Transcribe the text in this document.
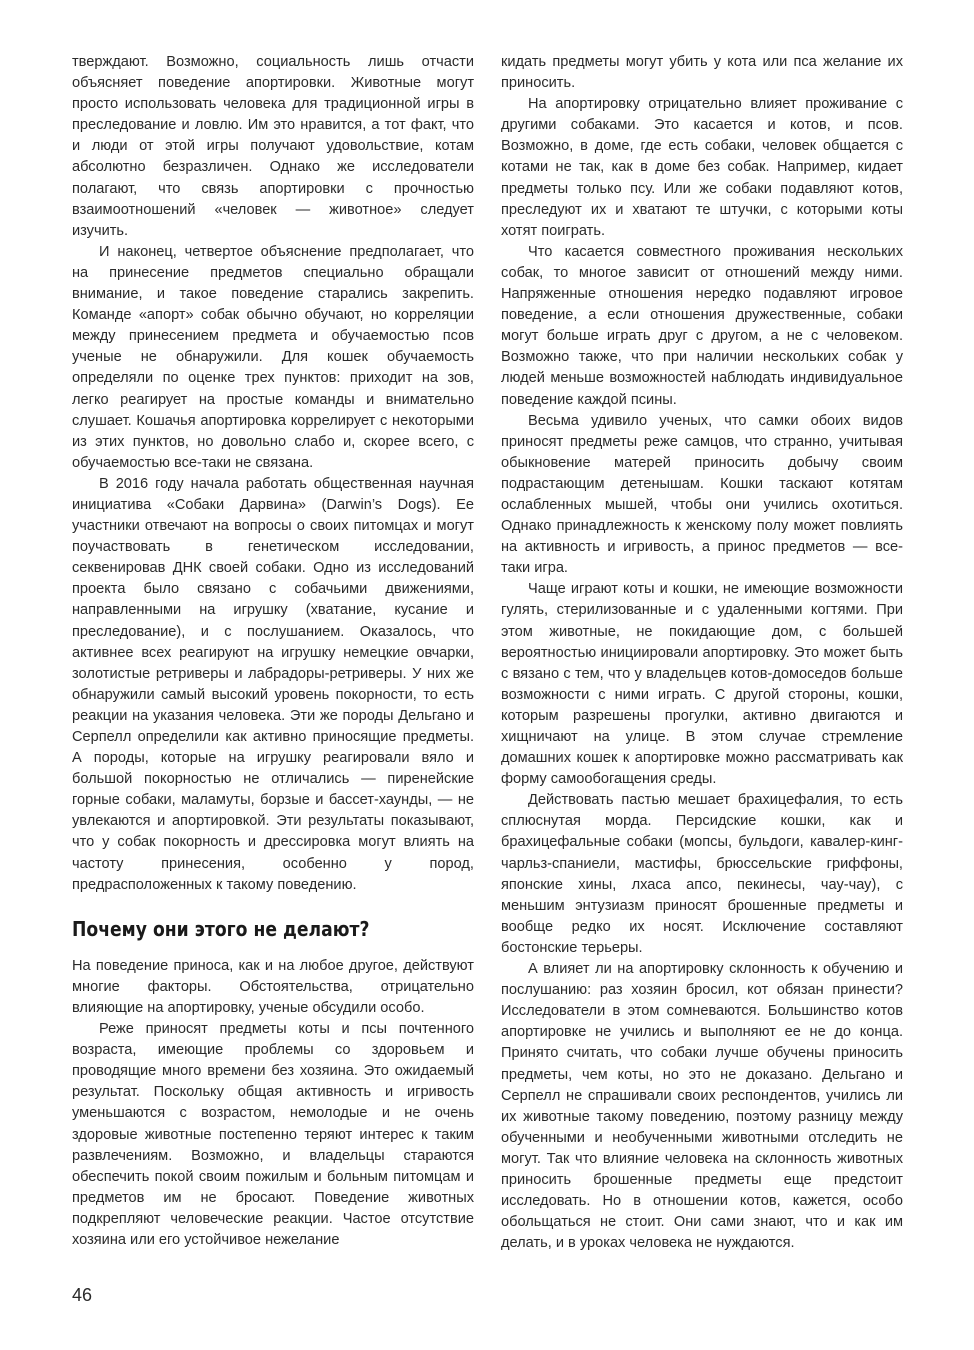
тверждают. Возможно, социальность лишь отчасти объясняет поведение апортировки. Животные могут просто использовать человека для традиционной игры в преследование и ловлю. Им это нравится, а тот факт, что и люди от этой игры получают удовольствие, котам абсолютно безразличен. Однако же исследователи полагают, что связь апортировки с прочностью взаимоотношений «человек — животное» следует изучить.

И наконец, четвертое объяснение предполагает, что на принесение предметов специально обращали внимание, и такое поведение старались закрепить. Команде «апорт» собак обычно обучают, но корреляции между принесением предмета и обучаемостью псов ученые не обнаружили. Для кошек обучаемость определяли по оценке трех пунктов: приходит на зов, легко реагирует на простые команды и внимательно слушает. Кошачья апортировка коррелирует с некоторыми из этих пунктов, но довольно слабо и, скорее всего, с обучаемостью все-таки не связана.

В 2016 году начала работать общественная научная инициатива «Собаки Дарвина» (Darwin’s Dogs). Ее участники отвечают на вопросы о своих питомцах и могут поучаствовать в генетическом исследовании, секвенировав ДНК своей собаки. Одно из исследований проекта было связано с собачьими движениями, направленными на игрушку (хватание, кусание и преследование), и с послушанием. Оказалось, что активнее всех реагируют на игрушку немецкие овчарки, золотистые ретриверы и лабрадоры-ретриверы. У них же обнаружили самый высокий уровень покорности, то есть реакции на указания человека. Эти же породы Дельгано и Серпелл определили как активно приносящие предметы. А породы, которые на игрушку реагировали вяло и большой покорностью не отличались — пиренейские горные собаки, маламуты, борзые и бассет-хаунды, — не увлекаются и апортировкой. Эти результаты показывают, что у собак покорность и дрессировка могут влиять на частоту принесения, особенно у пород, предрасположенных к такому поведению.

Почему они этого не делают?

На поведение приноса, как и на любое другое, действуют многие факторы. Обстоятельства, отрицательно влияющие на апортировку, ученые обсудили особо.

Реже приносят предметы коты и псы почтенного возраста, имеющие проблемы со здоровьем и проводящие много времени без хозяина. Это ожидаемый результат. Поскольку общая активность и игривость уменьшаются с возрастом, немолодые и не очень здоровые животные постепенно теряют интерес к таким развлечениям. Возможно, и владельцы стараются обеспечить покой своим пожилым и больным питомцам и предметов им не бросают. Поведение животных подкрепляют человеческие реакции. Частое отсутствие хозяина или его устойчивое нежелание

кидать предметы могут убить у кота или пса желание их приносить.

На апортировку отрицательно влияет проживание с другими собаками. Это касается и котов, и псов. Возможно, в доме, где есть собаки, человек общается с котами не так, как в доме без собак. Например, кидает предметы только псу. Или же собаки подавляют котов, преследуют их и хватают те штучки, с которыми коты хотят поиграть.

Что касается совместного проживания нескольких собак, то многое зависит от отношений между ними. Напряженные отношения нередко подавляют игровое поведение, а если отношения дружественные, собаки могут больше играть друг с другом, а не с человеком. Возможно также, что при наличии нескольких собак у людей меньше возможностей наблюдать индивидуальное поведение каждой псины.

Весьма удивило ученых, что самки обоих видов приносят предметы реже самцов, что странно, учитывая обыкновение матерей приносить добычу своим подрастающим детенышам. Кошки таскают котятам ослабленных мышей, чтобы они учились охотиться. Однако принадлежность к женскому полу может повлиять на активность и игривость, а принос предметов — все-таки игра.

Чаще играют коты и кошки, не имеющие возможности гулять, стерилизованные и с удаленными когтями. При этом животные, не покидающие дом, с большей вероятностью инициировали апортировку. Это может быть с вязано с тем, что у владельцев котов-домоседов больше возможности с ними играть. С другой стороны, кошки, которым разрешены прогулки, активно двигаются и хищничают на улице. В этом случае стремление домашних кошек к апортировке можно рассматривать как форму самообогащения среды.

Действовать пастью мешает брахицефалия, то есть сплюснутая морда. Персидские кошки, как и брахицефальные собаки (мопсы, бульдоги, кавалер-кинг-чарльз-спаниели, мастифы, брюссельские гриффоны, японские хины, лхаса апсо, пекинесы, чау-чау), с меньшим энтузиазм приносят брошенные предметы и вообще редко их носят. Исключение составляют бостонские терьеры.

А влияет ли на апортировку склонность к обучению и послушанию: раз хозяин бросил, кот обязан принести? Исследователи в этом сомневаются. Большинство котов апортировке не учились и выполняют ее не до конца. Принято считать, что собаки лучше обучены приносить предметы, чем коты, но это не доказано. Дельгано и Серпелл не спрашивали своих респондентов, учились ли их животные такому поведению, поэтому разницу между обученными и необученными животными отследить не могут. Так что влияние человека на склонность животных приносить брошенные предметы еще предстоит исследовать. Но в отношении котов, кажется, особо обольщаться не стоит. Они сами знают, что и как им делать, и в уроках человека не нуждаются.

46
